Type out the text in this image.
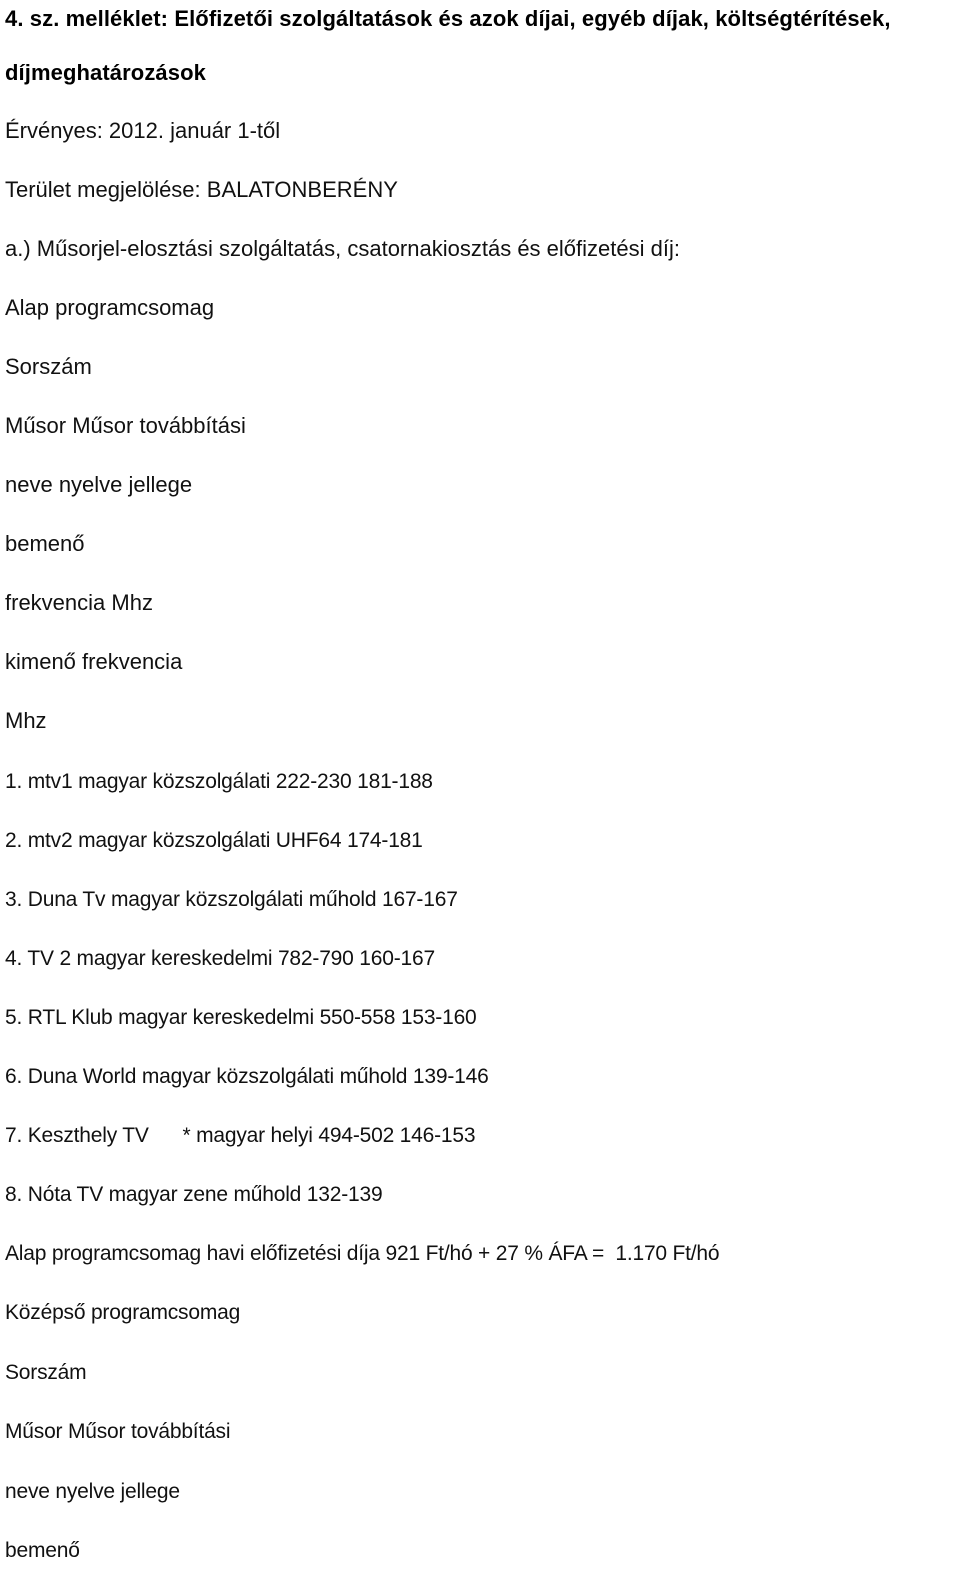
4. sz. melléklet: Előfizetői szolgáltatások és azok díjai, egyéb díjak, költségtérítések,
díjmeghatározások
Érvényes: 2012. január 1-től
Terület megjelölése: BALATONBERÉNY
a.) Műsorjel-elosztási szolgáltatás, csatornakiosztás és előfizetési díj:
Alap programcsomag
Sorszám
Műsor Műsor továbbítási
neve nyelve jellege
bemenő
frekvencia Mhz
kimenő frekvencia
Mhz
1. mtv1 magyar közszolgálati 222-230 181-188
2. mtv2 magyar közszolgálati UHF64 174-181
3. Duna Tv magyar közszolgálati műhold 167-167
4. TV 2 magyar kereskedelmi 782-790 160-167
5. RTL Klub magyar kereskedelmi 550-558 153-160
6. Duna World magyar közszolgálati műhold 139-146
7. Keszthely TV      * magyar helyi 494-502 146-153
8. Nóta TV magyar zene műhold 132-139
Alap programcsomag havi előfizetési díja 921 Ft/hó + 27 % ÁFA =  1.170 Ft/hó
Középső programcsomag
Sorszám
Műsor Műsor továbbítási
neve nyelve jellege
bemenő
